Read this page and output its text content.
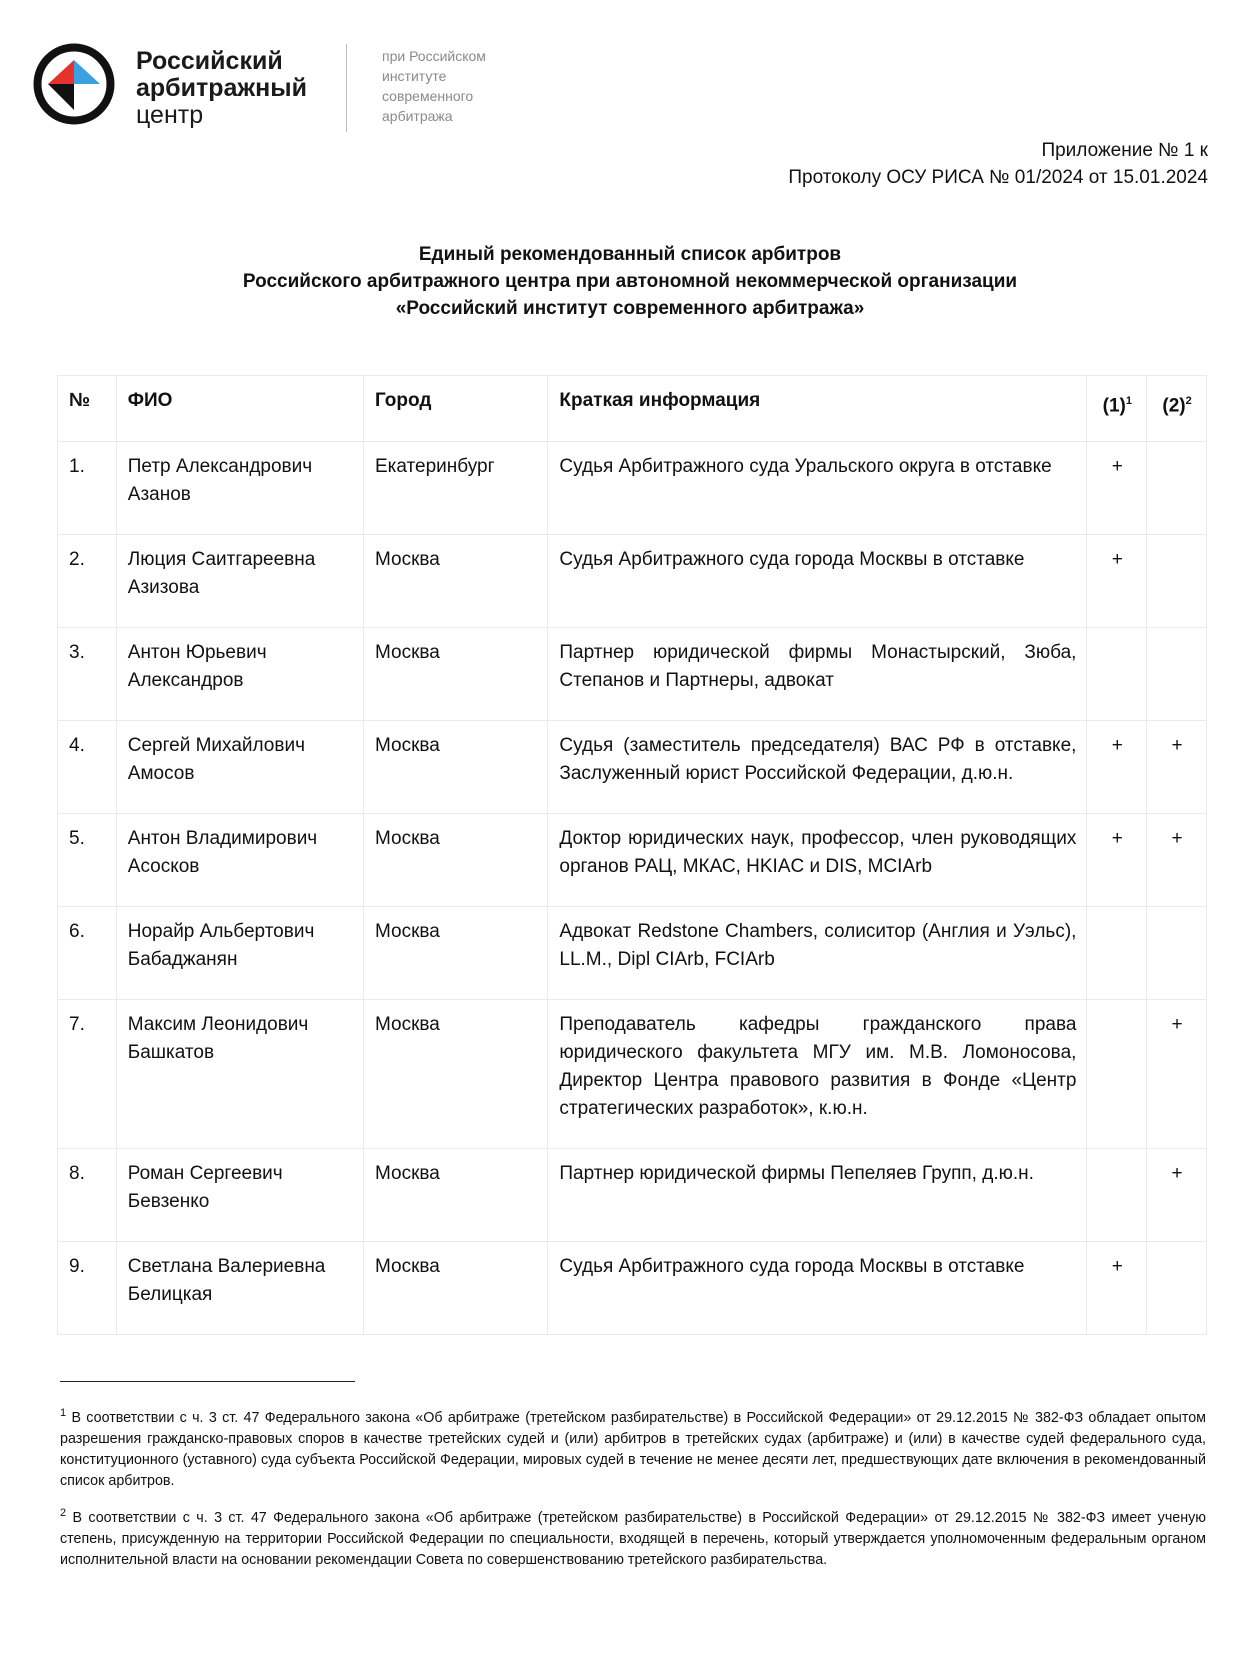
Российский
арбитражный
центр
при Российском
институте
современного
арбитража
Приложение № 1 к
Протоколу ОСУ РИСА № 01/2024 от 15.01.2024
Единый рекомендованный список арбитров
Российского арбитражного центра при автономной некоммерческой организации
«Российский институт современного арбитража»
№	ФИО	Город	Краткая информация	$(1)^1$	$(2)^2$
1.	Петр Александрович Азанов	Екатеринбург	Судья Арбитражного суда Уральского округа в отставке	+	
2.	Люция Саитгареевна Азизова	Москва	Судья Арбитражного суда города Москвы в отставке	+	
3.	Антон Юрьевич Александров	Москва	Партнер юридической фирмы Монастырский, Зюба, Степанов и Партнеры, адвокат		
4.	Сергей Михайлович Амосов	Москва	Судья (заместитель председателя) ВАС РФ в отставке, Заслуженный юрист Российской Федерации, д.ю.н.	+	+
5.	Антон Владимирович Асосков	Москва	Доктор юридических наук, профессор, член руководящих органов РАЦ, МКАС, HKIAC и DIS, MCIArb	+	+
6.	Норайр Альбертович Бабаджанян	Москва	Адвокат Redstone Chambers, солиситор (Англия и Уэльс), LL.M., Dipl CIArb, FCIArb		
7.	Максим Леонидович Башкатов	Москва	Преподаватель кафедры гражданского права юридического факультета МГУ им. М.В. Ломоносова, Директор Центра правового развития в Фонде «Центр стратегических разработок», к.ю.н.		+
8.	Роман Сергеевич Бевзенко	Москва	Партнер юридической фирмы Пепеляев Групп, д.ю.н.		+
9.	Светлана Валериевна Белицкая	Москва	Судья Арбитражного суда города Москвы в отставке	+	

$^1$ В соответствии с ч. 3 ст. 47 Федерального закона «Об арбитраже (третейском разбирательстве) в Российской Федерации» от 29.12.2015 № 382-ФЗ обладает опытом разрешения гражданско-правовых споров в качестве третейских судей и (или) арбитров в третейских судах (арбитраже) и (или) в качестве судей федерального суда, конституционного (уставного) суда субъекта Российской Федерации, мировых судей в течение не менее десяти лет, предшествующих дате включения в рекомендованный список арбитров.

$^2$ В соответствии с ч. 3 ст. 47 Федерального закона «Об арбитраже (третейском разбирательстве) в Российской Федерации» от 29.12.2015 № 382-ФЗ имеет ученую степень, присужденную на территории Российской Федерации по специальности, входящей в перечень, который утверждается уполномоченным федеральным органом исполнительной власти на основании рекомендации Совета по совершенствованию третейского разбирательства.
